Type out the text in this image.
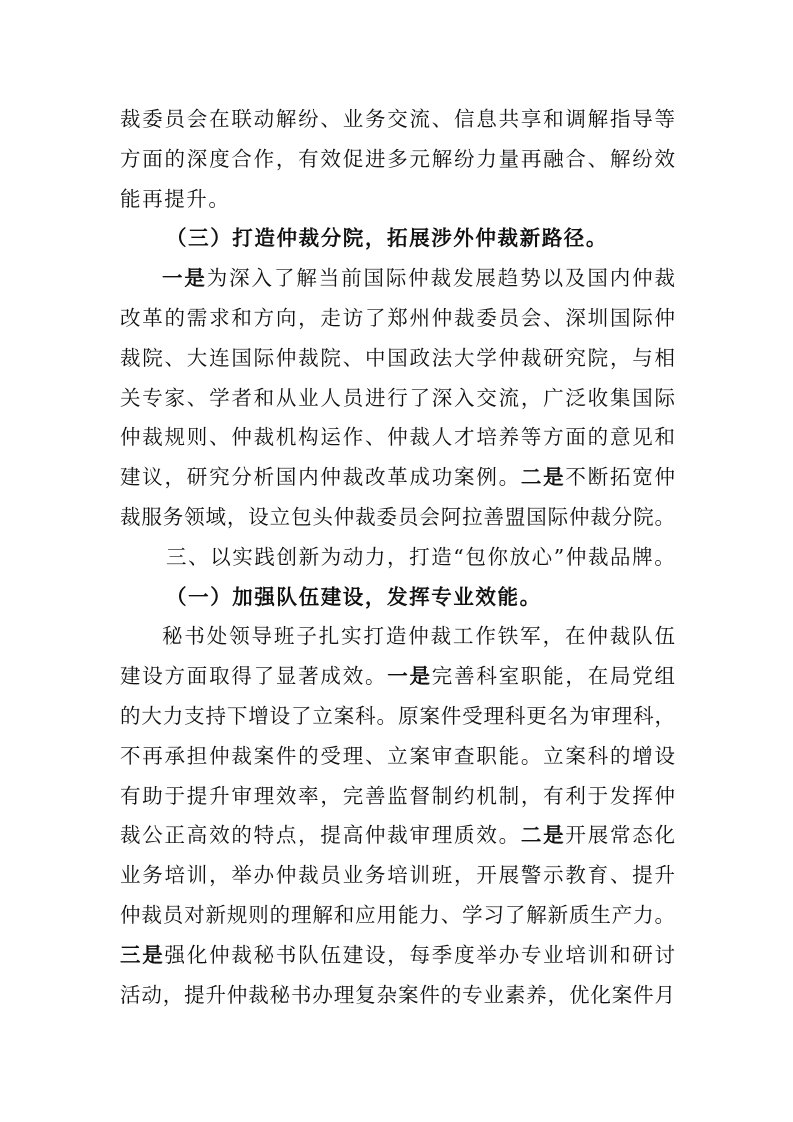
裁委员会在联动解纷、业务交流、信息共享和调解指导等
方面的深度合作，有效促进多元解纷力量再融合、解纷效
能再提升。
（三）打造仲裁分院，拓展涉外仲裁新路径。
一是为深入了解当前国际仲裁发展趋势以及国内仲裁
改革的需求和方向，走访了郑州仲裁委员会、深圳国际仲
裁院、大连国际仲裁院、中国政法大学仲裁研究院，与相
关专家、学者和从业人员进行了深入交流，广泛收集国际
仲裁规则、仲裁机构运作、仲裁人才培养等方面的意见和
建议，研究分析国内仲裁改革成功案例。二是不断拓宽仲
裁服务领域，设立包头仲裁委员会阿拉善盟国际仲裁分院。
三、以实践创新为动力，打造“包你放心”仲裁品牌。
（一）加强队伍建设，发挥专业效能。
秘书处领导班子扎实打造仲裁工作铁军，在仲裁队伍
建设方面取得了显著成效。一是完善科室职能，在局党组
的大力支持下增设了立案科。原案件受理科更名为审理科，
不再承担仲裁案件的受理、立案审查职能。立案科的增设
有助于提升审理效率，完善监督制约机制，有利于发挥仲
裁公正高效的特点，提高仲裁审理质效。二是开展常态化
业务培训，举办仲裁员业务培训班，开展警示教育、提升
仲裁员对新规则的理解和应用能力、学习了解新质生产力。
三是强化仲裁秘书队伍建设，每季度举办专业培训和研讨
活动，提升仲裁秘书办理复杂案件的专业素养，优化案件月
